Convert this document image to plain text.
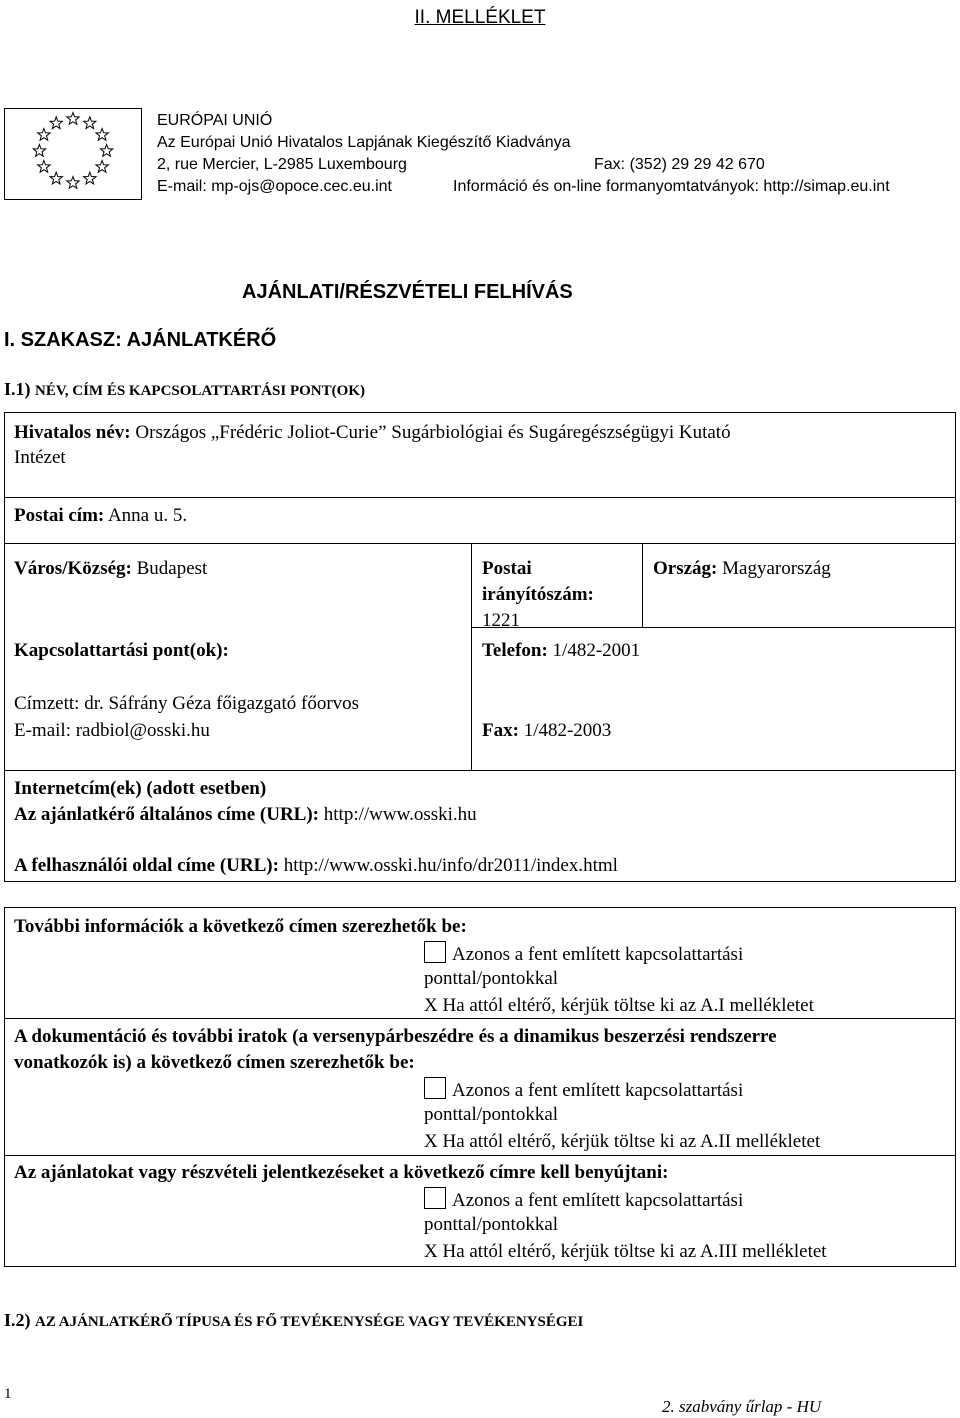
II. MELLÉKLET
EURÓPAI UNIÓ
Az Európai Unió Hivatalos Lapjának Kiegészítő Kiadványa
2, rue Mercier, L-2985 Luxembourg	Fax: (352) 29 29 42 670
E-mail: mp-ojs@opoce.cec.eu.int	Információ és on-line formanyomtatványok: http://simap.eu.int
AJÁNLATI/RÉSZVÉTELI FELHÍVÁS
I. SZAKASZ: AJÁNLATKÉRŐ
I.1) NÉV, CÍM ÉS KAPCSOLATTARTÁSI PONT(OK)
Hivatalos név: Országos „Frédéric Joliot-Curie” Sugárbiológiai és Sugáregészségügyi Kutató
Intézet
Postai cím: Anna u. 5.
Város/Község: Budapest	Postai
irányítószám:
1221
Ország: Magyarország
Kapcsolattartási pont(ok):	Telefon: 1/482-2001
Címzett: dr. Sáfrány Géza főigazgató főorvos
E-mail: radbiol@osski.hu	Fax: 1/482-2003
Internetcím(ek) (adott esetben)
Az ajánlatkérő általános címe (URL): http://www.osski.hu
A felhasználói oldal címe (URL): http://www.osski.hu/info/dr2011/index.html
További információk a következő címen szerezhetők be:
Azonos a fent említett kapcsolattartási
ponttal/pontokkal
X Ha attól eltérő, kérjük töltse ki az A.I mellékletet
A dokumentáció és további iratok (a versenypárbeszédre és a dinamikus beszerzési rendszerre
vonatkozók is) a következő címen szerezhetők be:
Azonos a fent említett kapcsolattartási
ponttal/pontokkal
X Ha attól eltérő, kérjük töltse ki az A.II mellékletet
Az ajánlatokat vagy részvételi jelentkezéseket a következő címre kell benyújtani:
Azonos a fent említett kapcsolattartási
ponttal/pontokkal
X Ha attól eltérő, kérjük töltse ki az A.III mellékletet
I.2) AZ AJÁNLATKÉRŐ TÍPUSA ÉS FŐ TEVÉKENYSÉGE VAGY TEVÉKENYSÉGEI
1
2. szabvány űrlap - HU
